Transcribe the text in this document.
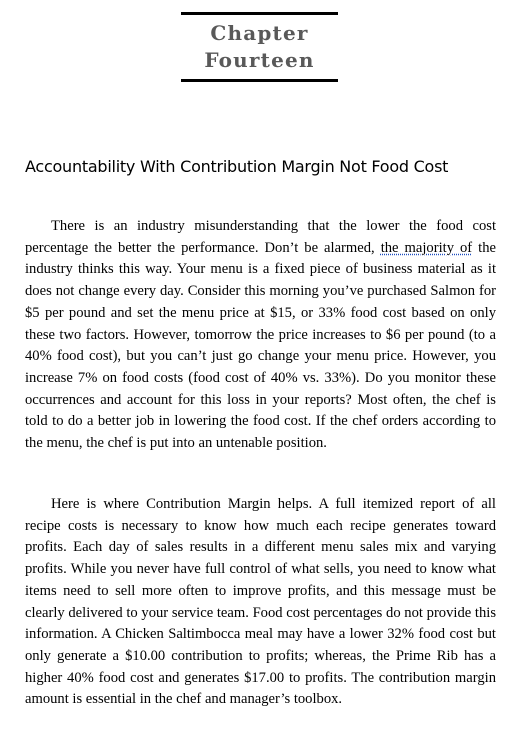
Chapter
Fourteen
Accountability With Contribution Margin Not Food Cost

There is an industry misunderstanding that the lower the food cost percentage the better the performance. Don’t be alarmed, the majority of the industry thinks this way. Your menu is a fixed piece of business material as it does not change every day. Consider this morning you’ve purchased Salmon for $5 per pound and set the menu price at $15, or 33% food cost based on only these two factors. However, tomorrow the price increases to $6 per pound (to a 40% food cost), but you can’t just go change your menu price. However, you increase 7% on food costs (food cost of 40% vs. 33%). Do you monitor these occurrences and account for this loss in your reports? Most often, the chef is told to do a better job in lowering the food cost. If the chef orders according to the menu, the chef is put into an untenable position.

Here is where Contribution Margin helps. A full itemized report of all recipe costs is necessary to know how much each recipe generates toward profits. Each day of sales results in a different menu sales mix and varying profits. While you never have full control of what sells, you need to know what items need to sell more often to improve profits, and this message must be clearly delivered to your service team. Food cost percentages do not provide this information. A Chicken Saltimbocca meal may have a lower 32% food cost but only generate a $10.00 contribution to profits; whereas, the Prime Rib has a higher 40% food cost and generates $17.00 to profits. The contribution margin amount is essential in the chef and manager’s toolbox.
